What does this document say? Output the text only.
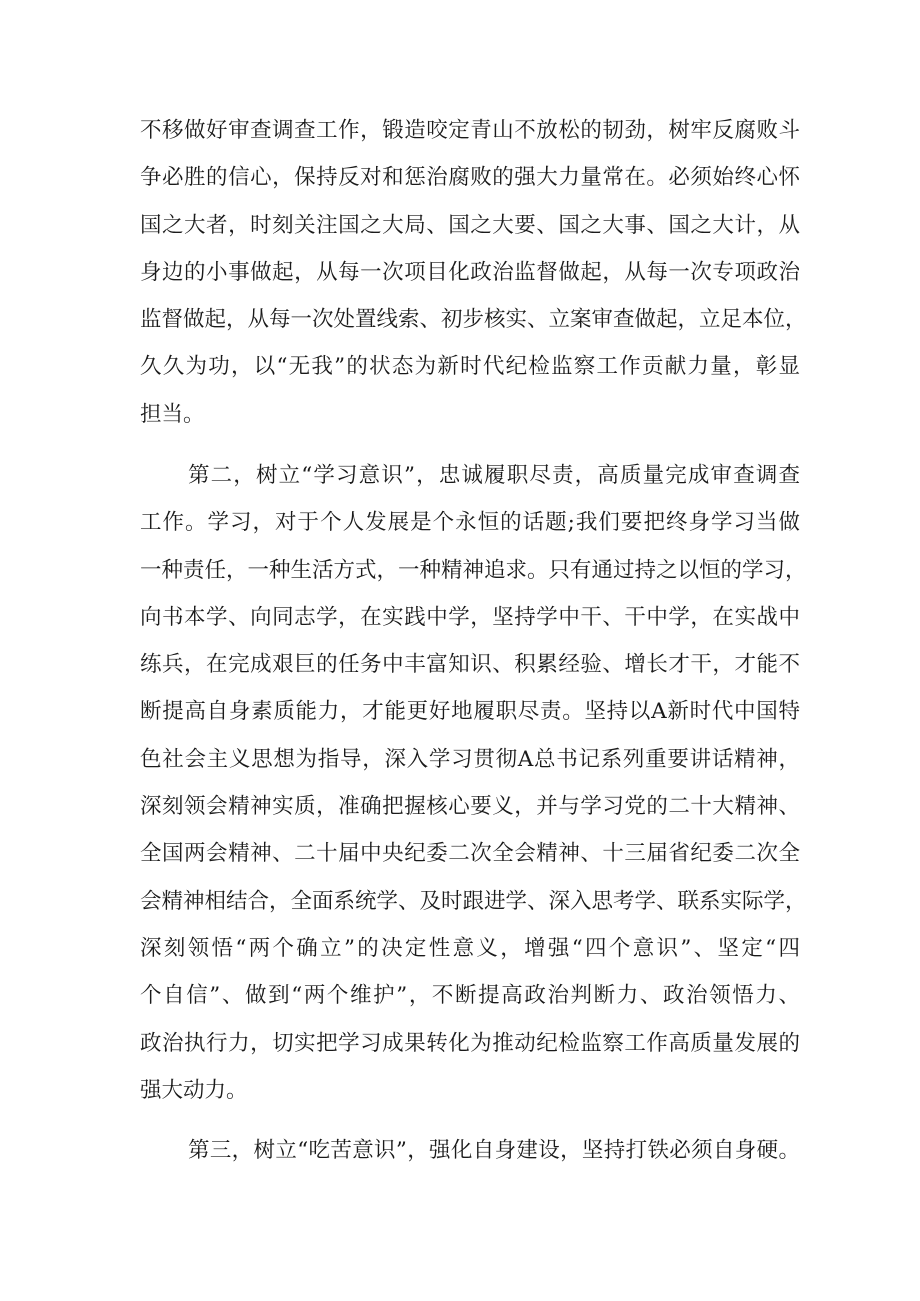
不移做好审查调查工作，锻造咬定青山不放松的韧劲，树牢反腐败斗
争必胜的信心，保持反对和惩治腐败的强大力量常在。必须始终心怀
国之大者，时刻关注国之大局、国之大要、国之大事、国之大计，从
身边的小事做起，从每一次项目化政治监督做起，从每一次专项政治
监督做起，从每一次处置线索、初步核实、立案审查做起，立足本位，
久久为功，以“无我”的状态为新时代纪检监察工作贡献力量，彰显
担当。
第二，树立“学习意识”，忠诚履职尽责，高质量完成审查调查
工作。学习，对于个人发展是个永恒的话题;我们要把终身学习当做
一种责任，一种生活方式，一种精神追求。只有通过持之以恒的学习，
向书本学、向同志学，在实践中学，坚持学中干、干中学，在实战中
练兵，在完成艰巨的任务中丰富知识、积累经验、增长才干，才能不
断提高自身素质能力，才能更好地履职尽责。坚持以A新时代中国特
色社会主义思想为指导，深入学习贯彻A总书记系列重要讲话精神，
深刻领会精神实质，准确把握核心要义，并与学习党的二十大精神、
全国两会精神、二十届中央纪委二次全会精神、十三届省纪委二次全
会精神相结合，全面系统学、及时跟进学、深入思考学、联系实际学，
深刻领悟“两个确立”的决定性意义，增强“四个意识”、坚定“四
个自信”、做到“两个维护”，不断提高政治判断力、政治领悟力、
政治执行力，切实把学习成果转化为推动纪检监察工作高质量发展的
强大动力。
第三，树立“吃苦意识”，强化自身建设，坚持打铁必须自身硬。
